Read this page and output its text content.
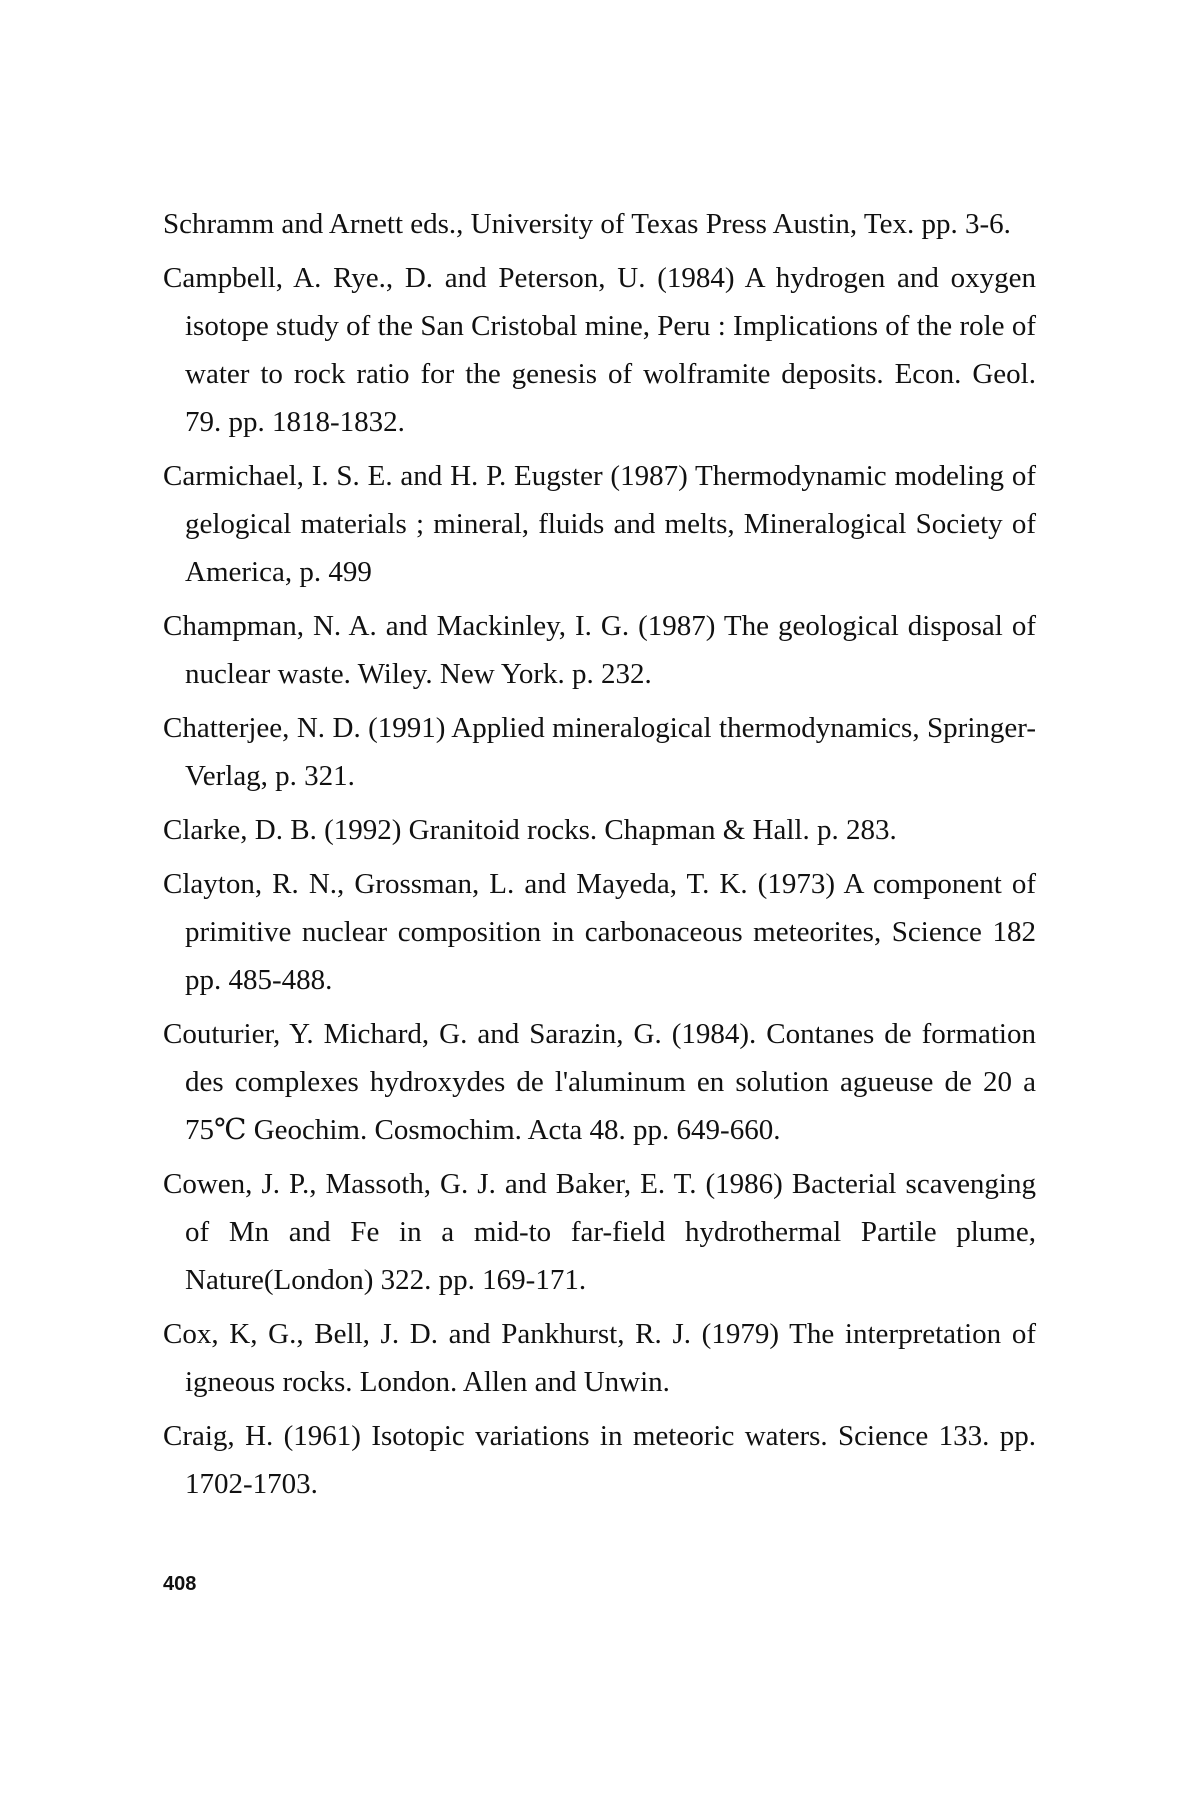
Schramm and Arnett eds., University of Texas Press Austin, Tex. pp. 3-6.

Campbell, A. Rye., D. and Peterson, U. (1984) A hydrogen and oxygen isotope study of the San Cristobal mine, Peru : Implications of the role of water to rock ratio for the genesis of wolframite deposits. Econ. Geol. 79. pp. 1818-1832.

Carmichael, I. S. E. and H. P. Eugster (1987) Thermodynamic modeling of gelogical materials ; mineral, fluids and melts, Mineralogical Society of America, p. 499

Champman, N. A. and Mackinley, I. G. (1987) The geological disposal of nuclear waste. Wiley. New York. p. 232.

Chatterjee, N. D. (1991) Applied mineralogical thermodynamics, Springer-Verlag, p. 321.

Clarke, D. B. (1992) Granitoid rocks. Chapman & Hall. p. 283.

Clayton, R. N., Grossman, L. and Mayeda, T. K. (1973) A component of primitive nuclear composition in carbonaceous meteorites, Science 182 pp. 485-488.

Couturier, Y. Michard, G. and Sarazin, G. (1984). Contanes de formation des complexes hydroxydes de l'aluminum en solution agueuse de 20 a 75℃ Geochim. Cosmochim. Acta 48. pp. 649-660.

Cowen, J. P., Massoth, G. J. and Baker, E. T. (1986) Bacterial scavenging of Mn and Fe in a mid-to far-field hydrothermal Partile plume, Nature(London) 322. pp. 169-171.

Cox, K, G., Bell, J. D. and Pankhurst, R. J. (1979) The interpretation of igneous rocks. London. Allen and Unwin.

Craig, H. (1961) Isotopic variations in meteoric waters. Science 133. pp. 1702-1703.

408
